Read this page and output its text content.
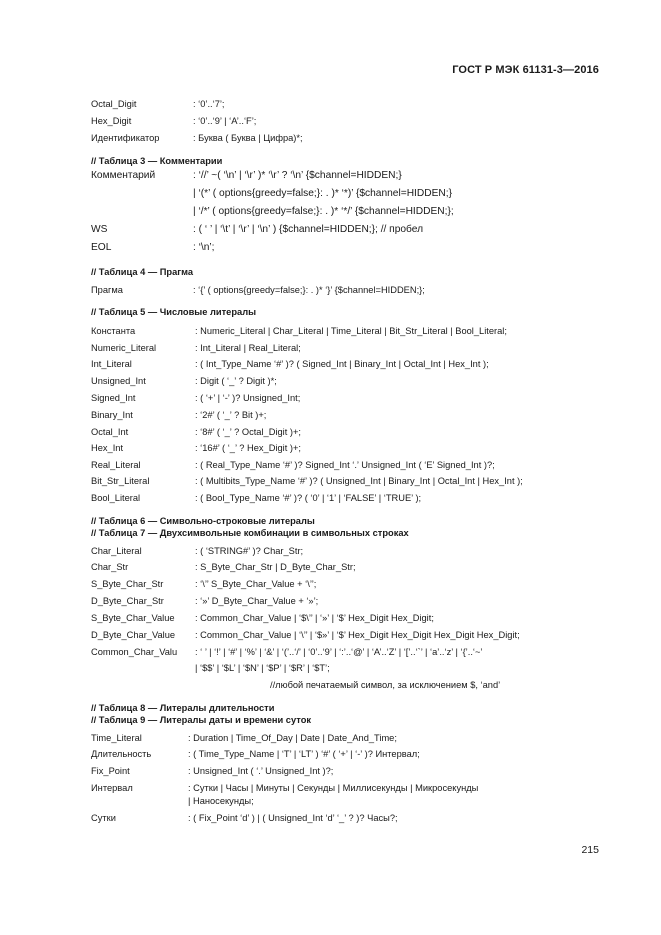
ГОСТ Р МЭК 61131-3—2016
Octal_Digit	: ‘0’..‘7’;
Hex_Digit	: ‘0’..‘9’ | ‘A’..‘F’;
Идентификатор	: Буква ( Буква | Цифра)*;
// Таблица 3 — Комментарии
Комментарий	: ‘//’ ~( ‘\n’ | ‘\r’ )* ‘\r’ ? ‘\n’ {$channel=HIDDEN;}
| ‘(*’ ( options{greedy=false;}: . )* ‘*)’ {$channel=HIDDEN;}
| ‘/*’ ( options{greedy=false;}: . )* ‘*/’ {$channel=HIDDEN;};
WS	: ( ‘ ’ | ‘\t’ | ‘\r’ | ‘\n’ ) {$channel=HIDDEN;}; // пробел
EOL	: ‘\n’;
// Таблица 4 — Прагма
Прагма	: ‘{’ ( options{greedy=false;}: . )* ‘}’ {$channel=HIDDEN;};
// Таблица 5 — Числовые литералы
Константа	: Numeric_Literal | Char_Literal | Time_Literal | Bit_Str_Literal | Bool_Literal;
Numeric_Literal	: Int_Literal | Real_Literal;
Int_Literal	: ( Int_Type_Name ‘#’ )? ( Signed_Int | Binary_Int | Octal_Int | Hex_Int );
Unsigned_Int	: Digit ( ‘_’ ? Digit )*;
Signed_Int	: ( ‘+’ | ‘-’ )? Unsigned_Int;
Binary_Int	: ‘2#’ ( ‘_’ ? Bit )+;
Octal_Int	: ‘8#’ ( ‘_’ ? Octal_Digit )+;
Hex_Int	: ‘16#’ ( ‘_’ ? Hex_Digit )+;
Real_Literal	: ( Real_Type_Name ‘#’ )? Signed_Int ‘.’ Unsigned_Int ( ‘E’ Signed_Int )?;
Bit_Str_Literal	: ( Multibits_Type_Name ‘#’ )? ( Unsigned_Int | Binary_Int | Octal_Int | Hex_Int );
Bool_Literal	: ( Bool_Type_Name ‘#’ )? ( ‘0’ | ‘1’ | ‘FALSE’ | ‘TRUE’ );
// Таблица 6 — Символьно-строковые литералы
// Таблица 7 — Двухсимвольные комбинации в символьных строках
Char_Literal	: ( ‘STRING#’ )? Char_Str;
Char_Str	: S_Byte_Char_Str | D_Byte_Char_Str;
S_Byte_Char_Str	: ‘\’’ S_Byte_Char_Value + ‘\’’;
D_Byte_Char_Str	: ‘»’ D_Byte_Char_Value + ‘»’;
S_Byte_Char_Value : Common_Char_Value | ‘$\’’ | ‘»’ | ‘$’ Hex_Digit Hex_Digit;
D_Byte_Char_Value : Common_Char_Value | ‘\’’ | ‘$»’ | ‘$’ Hex_Digit Hex_Digit Hex_Digit Hex_Digit;
Common_Char_Valu : ‘ ’ | ‘!’ | ‘#’ | ‘%’ | ‘&’ | ‘(’..‘/’ | ‘0’..‘9’ | ‘:’..‘@’ | ‘A’..‘Z’ | ‘[’..‘`’ | ‘a’..‘z’ | ‘{’..‘~’
| ‘$$’ | ‘$L’ | ‘$N’ | ‘$P’ | ‘$R’ | ‘$T’;
//любой печатаемый символ, за исключением $, ‘and’
// Таблица 8 — Литералы длительности
// Таблица 9 — Литералы даты и времени суток
Time_Literal	: Duration | Time_Of_Day | Date | Date_And_Time;
Длительность	: ( Time_Type_Name | ‘T’ | ‘LT’ ) ‘#’ ( ‘+’ | ‘-’ )? Интервал;
Fix_Point	: Unsigned_Int ( ‘.’ Unsigned_Int )?;
Интервал	: Сутки | Часы | Минуты | Секунды | Миллисекунды | Микросекунды
| Наносекунды;
Сутки	: ( Fix_Point ‘d’ ) | ( Unsigned_Int ‘d’ ‘_’ ? )? Часы?;
215
